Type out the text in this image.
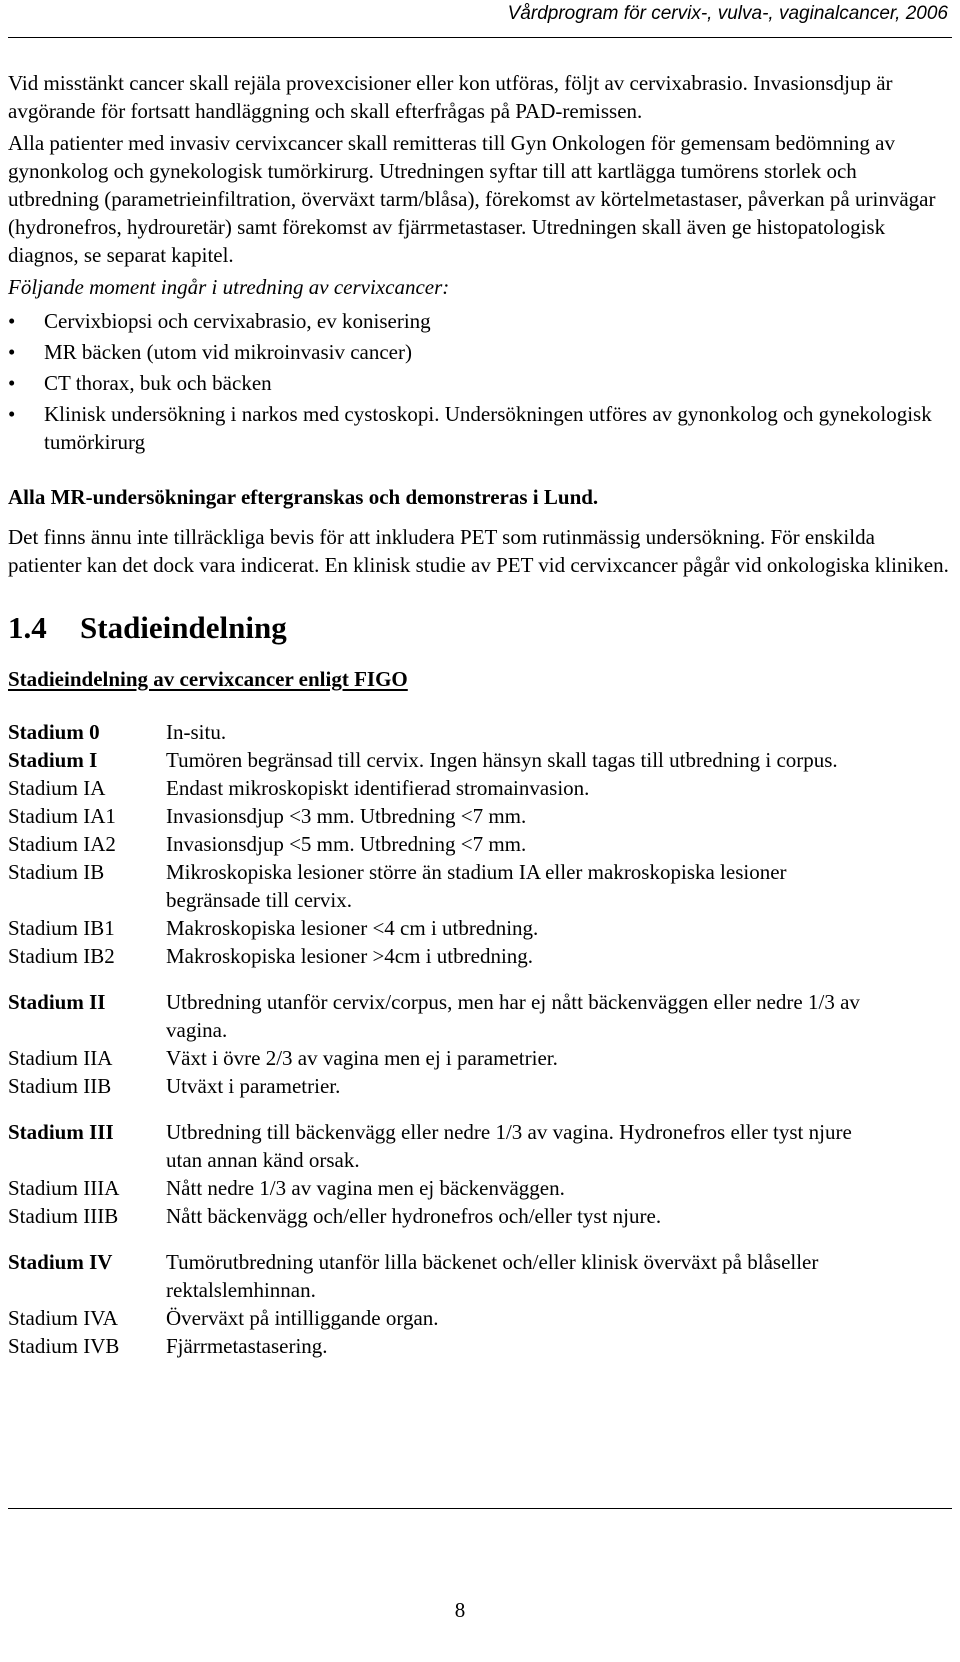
Vårdprogram för cervix-, vulva-, vaginalcancer, 2006

Vid misstänkt cancer skall rejäla provexcisioner eller kon utföras, följt av cervixabrasio. Invasionsdjup är avgörande för fortsatt handläggning och skall efterfrågas på PAD-remissen.

Alla patienter med invasiv cervixcancer skall remitteras till Gyn Onkologen för gemensam bedömning av gynonkolog och gynekologisk tumörkirurg. Utredningen syftar till att kartlägga tumörens storlek och utbredning (parametrieinfiltration, överväxt tarm/blåsa), förekomst av körtelmetastaser, påverkan på urinvägar (hydronefros, hydrouretär) samt förekomst av fjärrmetastaser. Utredningen skall även ge histopatologisk diagnos, se separat kapitel.

Följande moment ingår i utredning av cervixcancer:

• Cervixbiopsi och cervixabrasio, ev konisering
• MR bäcken (utom vid mikroinvasiv cancer)
• CT thorax, buk och bäcken
• Klinisk undersökning i narkos med cystoskopi. Undersökningen utföres av gynonkolog och gynekologisk tumörkirurg

Alla MR-undersökningar eftergranskas och demonstreras i Lund.

Det finns ännu inte tillräckliga bevis för att inkludera PET som rutinmässig undersökning. För enskilda patienter kan det dock vara indicerat. En klinisk studie av PET vid cervixcancer pågår vid onkologiska kliniken.

1.4 Stadieindelning
Stadieindelning av cervixcancer enligt FIGO
Stadium 0	In-situ.
Stadium I	Tumören begränsad till cervix. Ingen hänsyn skall tagas till utbredning i corpus.
Stadium IA	Endast mikroskopiskt identifierad stromainvasion.
Stadium IA1	Invasionsdjup <3 mm. Utbredning <7 mm.
Stadium IA2	Invasionsdjup <5 mm. Utbredning <7 mm.
Stadium IB	Mikroskopiska lesioner större än stadium IA eller makroskopiska lesioner begränsade till cervix.
Stadium IB1	Makroskopiska lesioner <4 cm i utbredning.
Stadium IB2	Makroskopiska lesioner >4cm i utbredning.
Stadium II	Utbredning utanför cervix/corpus, men har ej nått bäckenväggen eller nedre 1/3 av vagina.
Stadium IIA	Växt i övre 2/3 av vagina men ej i parametrier.
Stadium IIB	Utväxt i parametrier.
Stadium III	Utbredning till bäckenvägg eller nedre 1/3 av vagina. Hydronefros eller tyst njure utan annan känd orsak.
Stadium IIIA	Nått nedre 1/3 av vagina men ej bäckenväggen.
Stadium IIIB	Nått bäckenvägg och/eller hydronefros och/eller tyst njure.
Stadium IV	Tumörutbredning utanför lilla bäckenet och/eller klinisk överväxt på blåseller rektalslemhinnan.
Stadium IVA	Överväxt på intilliggande organ.
Stadium IVB	Fjärrmetastasering.
8
